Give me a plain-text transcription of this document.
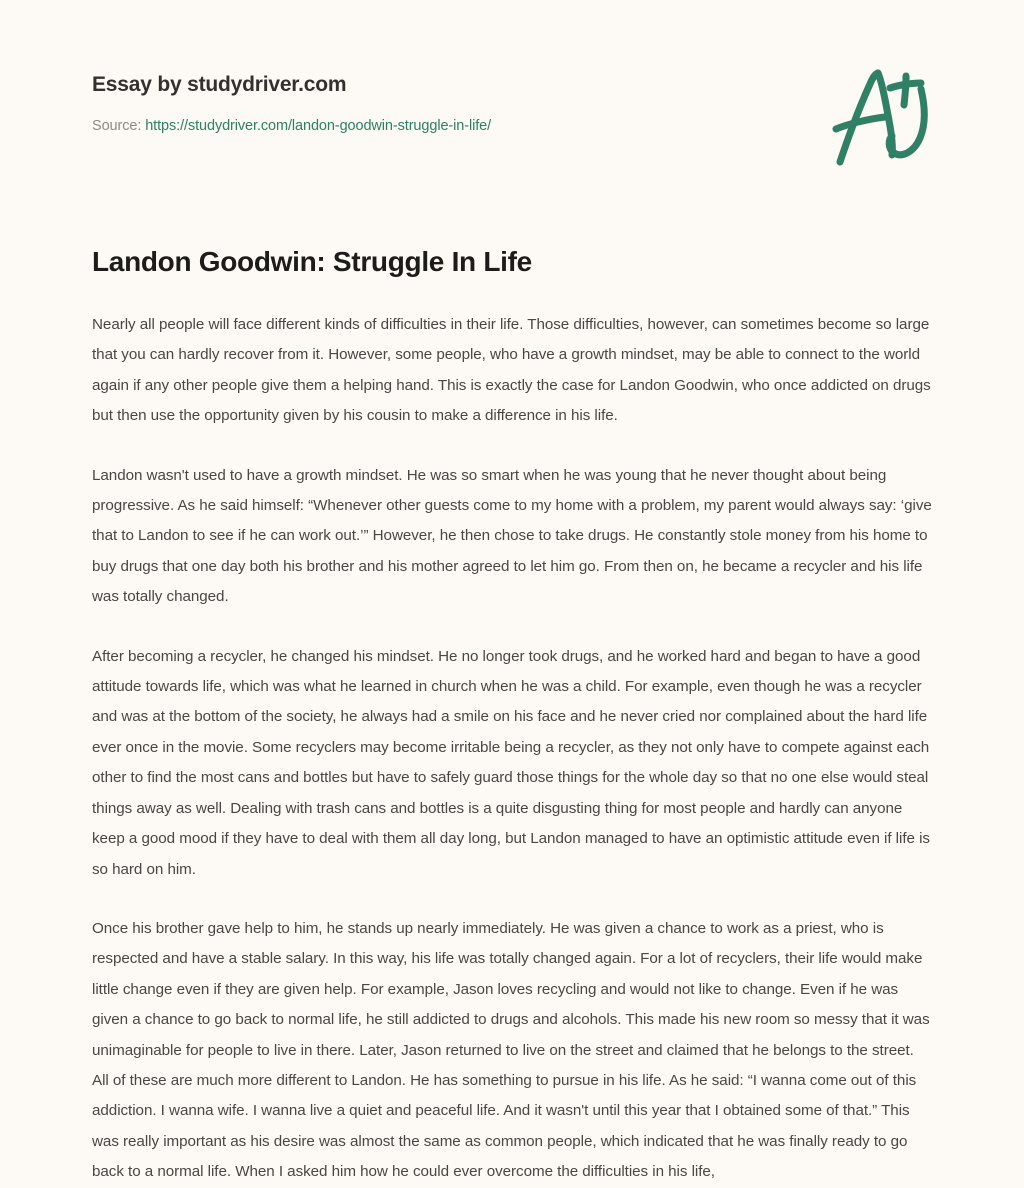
Essay by studydriver.com
Source: https://studydriver.com/landon-goodwin-struggle-in-life/
Landon Goodwin: Struggle In Life

Nearly all people will face different kinds of difficulties in their life. Those difficulties, however, can sometimes become so large that you can hardly recover from it. However, some people, who have a growth mindset, may be able to connect to the world again if any other people give them a helping hand. This is exactly the case for Landon Goodwin, who once addicted on drugs but then use the opportunity given by his cousin to make a difference in his life.

Landon wasn't used to have a growth mindset. He was so smart when he was young that he never thought about being progressive. As he said himself: “Whenever other guests come to my home with a problem, my parent would always say: ‘give that to Landon to see if he can work out.’” However, he then chose to take drugs. He constantly stole money from his home to buy drugs that one day both his brother and his mother agreed to let him go. From then on, he became a recycler and his life was totally changed.

After becoming a recycler, he changed his mindset. He no longer took drugs, and he worked hard and began to have a good attitude towards life, which was what he learned in church when he was a child. For example, even though he was a recycler and was at the bottom of the society, he always had a smile on his face and he never cried nor complained about the hard life ever once in the movie. Some recyclers may become irritable being a recycler, as they not only have to compete against each other to find the most cans and bottles but have to safely guard those things for the whole day so that no one else would steal things away as well. Dealing with trash cans and bottles is a quite disgusting thing for most people and hardly can anyone keep a good mood if they have to deal with them all day long, but Landon managed to have an optimistic attitude even if life is so hard on him.

Once his brother gave help to him, he stands up nearly immediately. He was given a chance to work as a priest, who is respected and have a stable salary. In this way, his life was totally changed again. For a lot of recyclers, their life would make little change even if they are given help. For example, Jason loves recycling and would not like to change. Even if he was given a chance to go back to normal life, he still addicted to drugs and alcohols. This made his new room so messy that it was unimaginable for people to live in there. Later, Jason returned to live on the street and claimed that he belongs to the street. All of these are much more different to Landon. He has something to pursue in his life. As he said: “I wanna come out of this addiction. I wanna wife. I wanna live a quiet and peaceful life. And it wasn't until this year that I obtained some of that.” This was really important as his desire was almost the same as common people, which indicated that he was finally ready to go back to a normal life. When I asked him how he could ever overcome the difficulties in his life,
